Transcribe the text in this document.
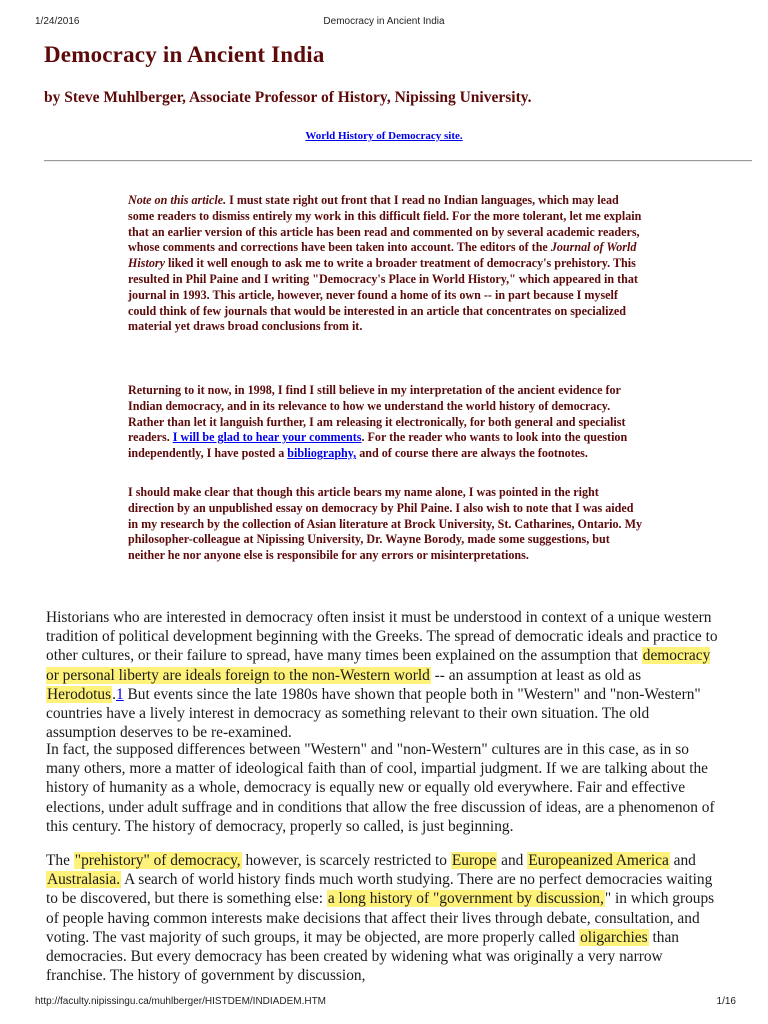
1/24/2016	Democracy in Ancient India
Democracy in Ancient India

by Steve Muhlberger, Associate Professor of History, Nipissing University.

World History of Democracy site.

Note on this article. I must state right out front that I read no Indian languages, which may lead some readers to dismiss entirely my work in this difficult field. For the more tolerant, let me explain that an earlier version of this article has been read and commented on by several academic readers, whose comments and corrections have been taken into account. The editors of the Journal of World History liked it well enough to ask me to write a broader treatment of democracy's prehistory. This resulted in Phil Paine and I writing "Democracy's Place in World History," which appeared in that journal in 1993. This article, however, never found a home of its own -- in part because I myself could think of few journals that would be interested in an article that concentrates on specialized material yet draws broad conclusions from it.

Returning to it now, in 1998, I find I still believe in my interpretation of the ancient evidence for Indian democracy, and in its relevance to how we understand the world history of democracy. Rather than let it languish further, I am releasing it electronically, for both general and specialist readers. I will be glad to hear your comments. For the reader who wants to look into the question independently, I have posted a bibliography, and of course there are always the footnotes.

I should make clear that though this article bears my name alone, I was pointed in the right direction by an unpublished essay on democracy by Phil Paine. I also wish to note that I was aided in my research by the collection of Asian literature at Brock University, St. Catharines, Ontario. My philosopher-colleague at Nipissing University, Dr. Wayne Borody, made some suggestions, but neither he nor anyone else is responsibile for any errors or misinterpretations.

Historians who are interested in democracy often insist it must be understood in context of a unique western tradition of political development beginning with the Greeks. The spread of democratic ideals and practice to other cultures, or their failure to spread, have many times been explained on the assumption that democracy or personal liberty are ideals foreign to the non-Western world -- an assumption at least as old as Herodotus.1 But events since the late 1980s have shown that people both in "Western" and "non-Western" countries have a lively interest in democracy as something relevant to their own situation. The old assumption deserves to be re-examined.

In fact, the supposed differences between "Western" and "non-Western" cultures are in this case, as in so many others, more a matter of ideological faith than of cool, impartial judgment. If we are talking about the history of humanity as a whole, democracy is equally new or equally old everywhere. Fair and effective elections, under adult suffrage and in conditions that allow the free discussion of ideas, are a phenomenon of this century. The history of democracy, properly so called, is just beginning.

The "prehistory" of democracy, however, is scarcely restricted to Europe and Europeanized America and Australasia. A search of world history finds much worth studying. There are no perfect democracies waiting to be discovered, but there is something else: a long history of "government by discussion," in which groups of people having common interests make decisions that affect their lives through debate, consultation, and voting. The vast majority of such groups, it may be objected, are more properly called oligarchies than democracies. But every democracy has been created by widening what was originally a very narrow franchise. The history of government by discussion,

http://faculty.nipissingu.ca/muhlberger/HISTDEM/INDIADEM.HTM	1/16
